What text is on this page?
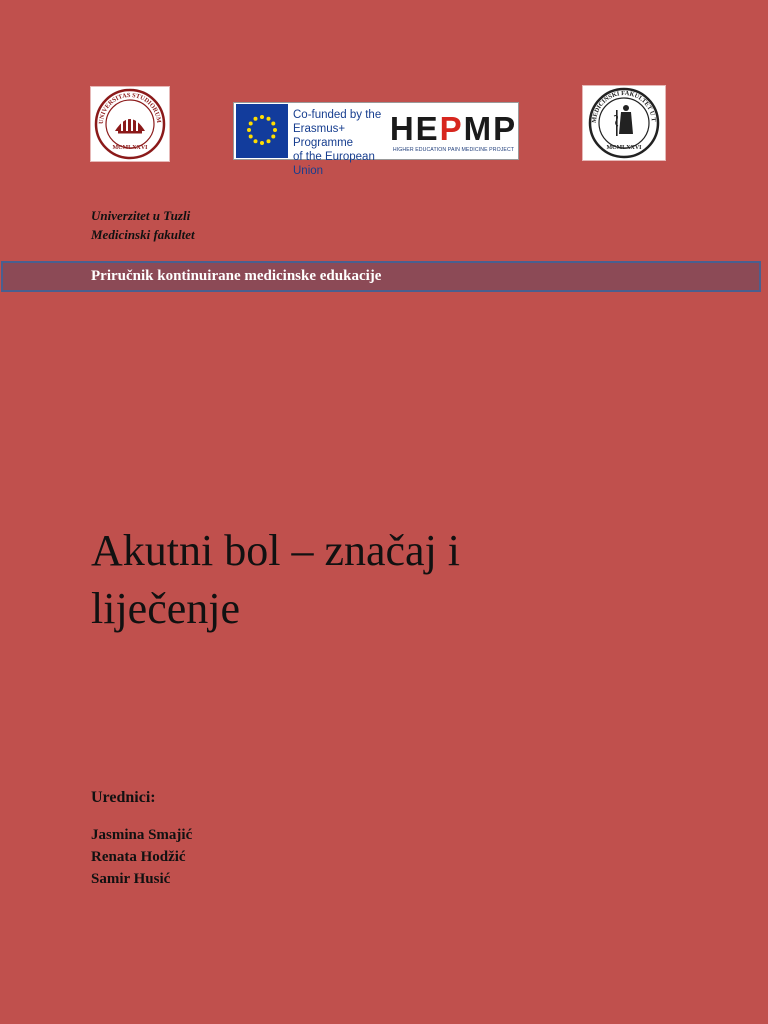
UNIVERSITAS STUDIORUM
MCMLXXVI
Co-funded by the
Erasmus+ Programme
of the European Union
HEPMP
HIGHER EDUCATION PAIN MEDICINE PROJECT
MEDICINSKI FAKULTET U T
MCMLXXVI
Univerzitet u Tuzli
Medicinski fakultet
Priručnik kontinuirane medicinske edukacije
Akutni bol – značaj i
liječenje
Urednici:
Jasmina Smajić
Renata Hodžić
Samir Husić
